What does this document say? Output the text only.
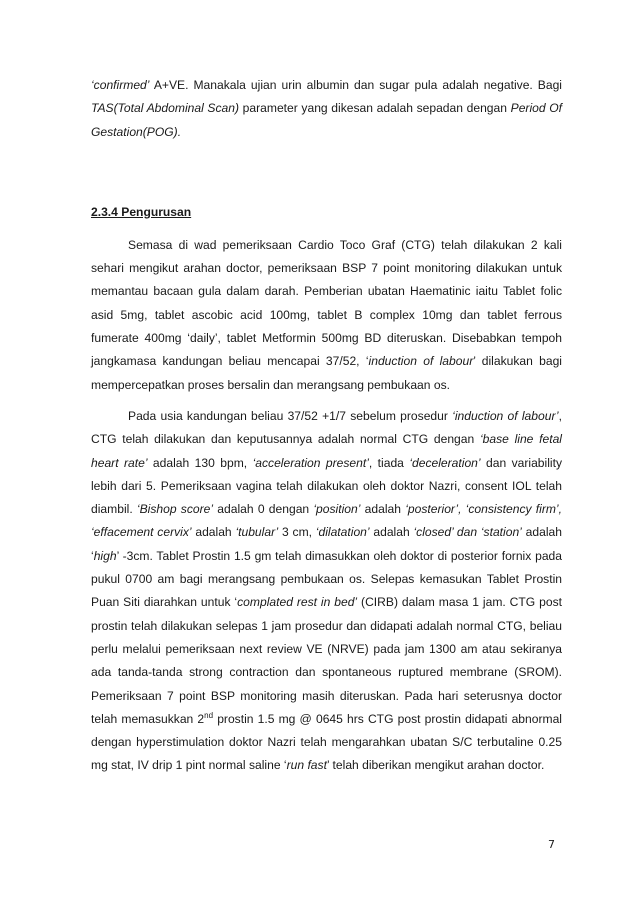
‘confirmed’ A+VE. Manakala ujian urin albumin dan sugar pula adalah negative. Bagi TAS(Total Abdominal Scan) parameter yang dikesan adalah sepadan dengan Period Of Gestation(POG).

2.3.4 Pengurusan

Semasa di wad pemeriksaan Cardio Toco Graf (CTG) telah dilakukan 2 kali sehari mengikut arahan doctor, pemeriksaan BSP 7 point monitoring dilakukan untuk memantau bacaan gula dalam darah. Pemberian ubatan Haematinic iaitu Tablet folic asid 5mg, tablet ascobic acid 100mg, tablet B complex 10mg dan tablet ferrous fumerate 400mg ‘daily’, tablet Metformin 500mg BD diteruskan. Disebabkan tempoh jangkamasa kandungan beliau mencapai 37/52, ‘induction of labour’ dilakukan bagi mempercepatkan proses bersalin dan merangsang pembukaan os.

Pada usia kandungan beliau 37/52 +1/7 sebelum prosedur ‘induction of labour’, CTG telah dilakukan dan keputusannya adalah normal CTG dengan ‘base line fetal heart rate’ adalah 130 bpm, ‘acceleration present’, tiada ‘deceleration’ dan variability lebih dari 5. Pemeriksaan vagina telah dilakukan oleh doktor Nazri, consent IOL telah diambil. ‘Bishop score’ adalah 0 dengan ‘position’ adalah ‘posterior’, ‘consistency firm’, ‘effacement cervix’ adalah ‘tubular’ 3 cm, ‘dilatation’ adalah ‘closed’ dan ‘station’ adalah ‘high’ -3cm. Tablet Prostin 1.5 gm telah dimasukkan oleh doktor di posterior fornix pada pukul 0700 am bagi merangsang pembukaan os. Selepas kemasukan Tablet Prostin Puan Siti diarahkan untuk ‘complated rest in bed’ (CIRB) dalam masa 1 jam. CTG post prostin telah dilakukan selepas 1 jam prosedur dan didapati adalah normal CTG, beliau perlu melalui pemeriksaan next review VE (NRVE) pada jam 1300 am atau sekiranya ada tanda-tanda strong contraction dan spontaneous ruptured membrane (SROM). Pemeriksaan 7 point BSP monitoring masih diteruskan. Pada hari seterusnya doctor telah memasukkan 2nd prostin 1.5 mg @ 0645 hrs CTG post prostin didapati abnormal dengan hyperstimulation doktor Nazri telah mengarahkan ubatan S/C terbutaline 0.25 mg stat, IV drip 1 pint normal saline ‘run fast’ telah diberikan mengikut arahan doctor.

7
